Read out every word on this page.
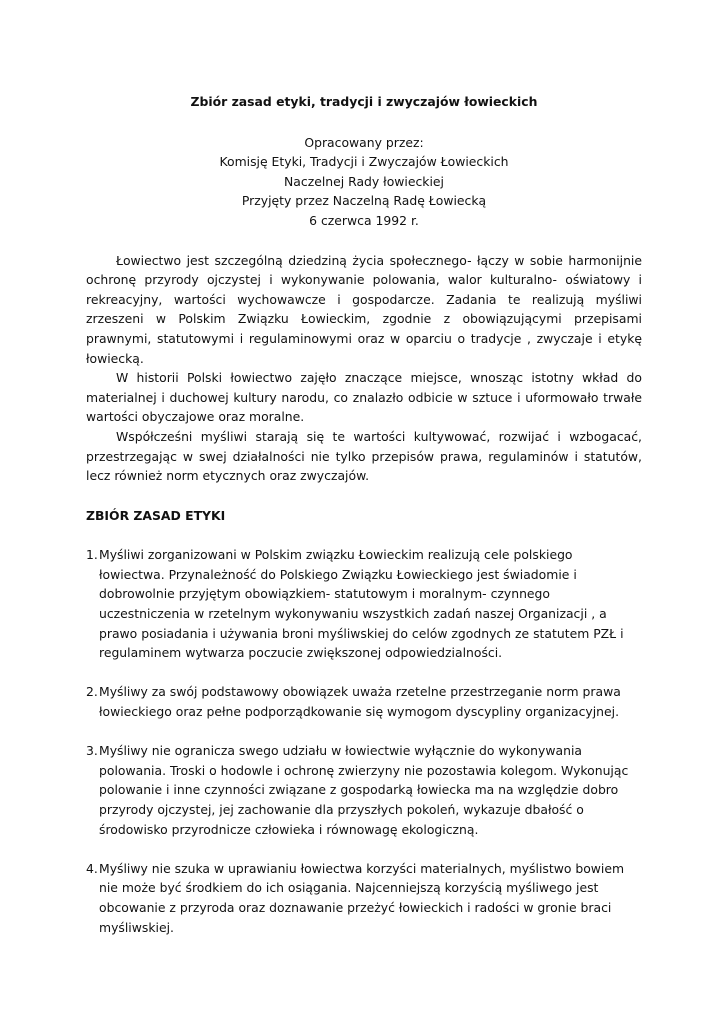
Zbiór zasad etyki, tradycji i zwyczajów łowieckich
Opracowany przez:
Komisję Etyki, Tradycji i Zwyczajów Łowieckich
Naczelnej Rady łowieckiej
Przyjęty przez Naczelną Radę Łowiecką
6 czerwca 1992 r.

Łowiectwo jest szczególną dziedziną życia społecznego- łączy w sobie harmonijnie ochronę przyrody ojczystej i wykonywanie polowania, walor kulturalno- oświatowy i rekreacyjny, wartości wychowawcze i gospodarcze. Zadania te realizują myśliwi zrzeszeni w Polskim Związku Łowieckim, zgodnie z obowiązującymi przepisami prawnymi, statutowymi i regulaminowymi oraz w oparciu o tradycje , zwyczaje i etykę łowiecką.

W historii Polski łowiectwo zajęło znaczące miejsce, wnosząc istotny wkład do materialnej i duchowej kultury narodu, co znalazło odbicie w sztuce i uformowało trwałe wartości obyczajowe oraz moralne.

Współcześni myśliwi starają się te wartości kultywować, rozwijać i wzbogacać, przestrzegając w swej działalności nie tylko przepisów prawa, regulaminów i statutów, lecz również norm etycznych oraz zwyczajów.

ZBIÓR ZASAD ETYKI
1. Myśliwi zorganizowani w Polskim związku Łowieckim realizują cele polskiego łowiectwa. Przynależność do Polskiego Związku Łowieckiego jest świadomie i dobrowolnie przyjętym obowiązkiem- statutowym i moralnym- czynnego uczestniczenia w rzetelnym wykonywaniu wszystkich zadań naszej Organizacji , a prawo posiadania i używania broni myśliwskiej do celów zgodnych ze statutem PZŁ i regulaminem wytwarza poczucie zwiększonej odpowiedzialności.
2. Myśliwy za swój podstawowy obowiązek uważa rzetelne przestrzeganie norm prawa łowieckiego oraz pełne podporządkowanie się wymogom dyscypliny organizacyjnej.
3. Myśliwy nie ogranicza swego udziału w łowiectwie wyłącznie do wykonywania polowania. Troski o hodowle i ochronę zwierzyny nie pozostawia kolegom. Wykonując polowanie i inne czynności związane z gospodarką łowiecka ma na względzie dobro przyrody ojczystej, jej zachowanie dla przyszłych pokoleń, wykazuje dbałość o środowisko przyrodnicze człowieka i równowagę ekologiczną.
4. Myśliwy nie szuka w uprawianiu łowiectwa korzyści materialnych, myślistwo bowiem nie może być środkiem do ich osiągania. Najcenniejszą korzyścią myśliwego jest obcowanie z przyroda oraz doznawanie przeżyć łowieckich i radości w gronie braci myśliwskiej.
